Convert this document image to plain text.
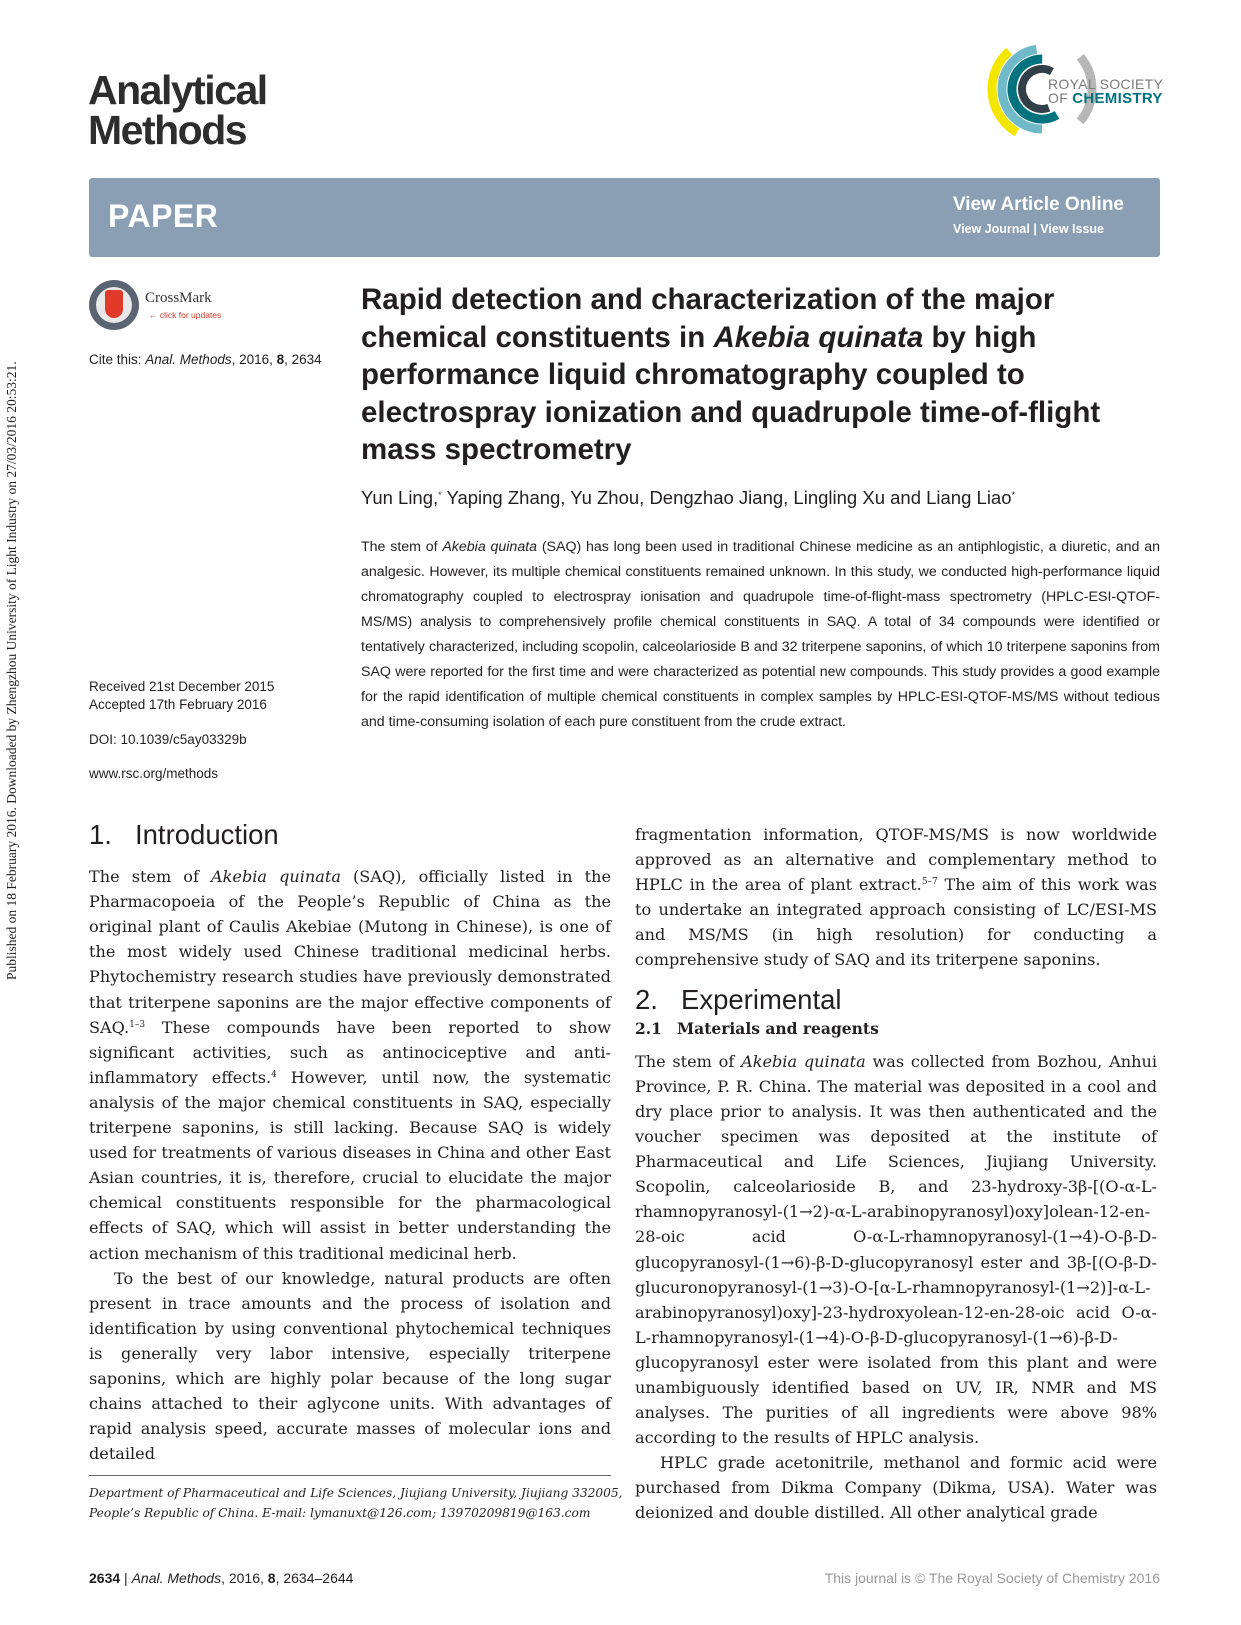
Published on 18 February 2016. Downloaded by Zhengzhou University of Light Industry on 27/03/2016 20:53:21.
Analytical
Methods
ROYAL SOCIETY
OF CHEMISTRY
PAPER	View Article Online
View Journal | View Issue
CrossMark
← click for updates
Cite this: Anal. Methods, 2016, 8, 2634
Received 21st December 2015
Accepted 17th February 2016
DOI: 10.1039/c5ay03329b
www.rsc.org/methods
Rapid detection and characterization of the major chemical constituents in Akebia quinata by high performance liquid chromatography coupled to electrospray ionization and quadrupole time-of-flight mass spectrometry
Yun Ling,* Yaping Zhang, Yu Zhou, Dengzhao Jiang, Lingling Xu and Liang Liao*
The stem of Akebia quinata (SAQ) has long been used in traditional Chinese medicine as an antiphlogistic, a diuretic, and an analgesic. However, its multiple chemical constituents remained unknown. In this study, we conducted high-performance liquid chromatography coupled to electrospray ionisation and quadrupole time-of-flight-mass spectrometry (HPLC-ESI-QTOF-MS/MS) analysis to comprehensively profile chemical constituents in SAQ. A total of 34 compounds were identified or tentatively characterized, including scopolin, calceolarioside B and 32 triterpene saponins, of which 10 triterpene saponins from SAQ were reported for the first time and were characterized as potential new compounds. This study provides a good example for the rapid identification of multiple chemical constituents in complex samples by HPLC-ESI-QTOF-MS/MS without tedious and time-consuming isolation of each pure constituent from the crude extract.
1. Introduction

The stem of Akebia quinata (SAQ), officially listed in the Pharmacopoeia of the People’s Republic of China as the original plant of Caulis Akebiae (Mutong in Chinese), is one of the most widely used Chinese traditional medicinal herbs. Phytochemistry research studies have previously demonstrated that triterpene saponins are the major effective components of SAQ.$^{1-3}$ These compounds have been reported to show significant activities, such as antinociceptive and anti-inflammatory effects.$^4$ However, until now, the systematic analysis of the major chemical constituents in SAQ, especially triterpene saponins, is still lacking. Because SAQ is widely used for treatments of various diseases in China and other East Asian countries, it is, therefore, crucial to elucidate the major chemical constituents responsible for the pharmacological effects of SAQ, which will assist in better understanding the action mechanism of this traditional medicinal herb.

To the best of our knowledge, natural products are often present in trace amounts and the process of isolation and identification by using conventional phytochemical techniques is generally very labor intensive, especially triterpene saponins, which are highly polar because of the long sugar chains attached to their aglycone units. With advantages of rapid analysis speed, accurate masses of molecular ions and detailed

fragmentation information, QTOF-MS/MS is now worldwide approved as an alternative and complementary method to HPLC in the area of plant extract.$^{5-7}$ The aim of this work was to undertake an integrated approach consisting of LC/ESI-MS and MS/MS (in high resolution) for conducting a comprehensive study of SAQ and its triterpene saponins.

2. Experimental
2.1 Materials and reagents

The stem of Akebia quinata was collected from Bozhou, Anhui Province, P. R. China. The material was deposited in a cool and dry place prior to analysis. It was then authenticated and the voucher specimen was deposited at the institute of Pharmaceutical and Life Sciences, Jiujiang University. Scopolin, calceolarioside B, and 23-hydroxy-3β-[(O-α-L-rhamnopyranosyl-(1→2)-α-L-arabinopyranosyl)oxy]olean-12-en-28-oic acid O-α-L-rhamnopyranosyl-(1→4)-O-β-D-glucopyranosyl-(1→6)-β-D-glucopyranosyl ester and 3β-[(O-β-D-glucuronopyranosyl-(1→3)-O-[α-L-rhamnopyranosyl-(1→2)]-α-L-arabinopyranosyl)oxy]-23-hydroxyolean-12-en-28-oic acid O-α-L-rhamnopyranosyl-(1→4)-O-β-D-glucopyranosyl-(1→6)-β-D-glucopyranosyl ester were isolated from this plant and were unambiguously identified based on UV, IR, NMR and MS analyses. The purities of all ingredients were above 98% according to the results of HPLC analysis.

HPLC grade acetonitrile, methanol and formic acid were purchased from Dikma Company (Dikma, USA). Water was deionized and double distilled. All other analytical grade

Department of Pharmaceutical and Life Sciences, Jiujiang University, Jiujiang 332005, People’s Republic of China. E-mail: lymanuxt@126.com; 13970209819@163.com
2634 | Anal. Methods, 2016, 8, 2634–2644	This journal is © The Royal Society of Chemistry 2016
